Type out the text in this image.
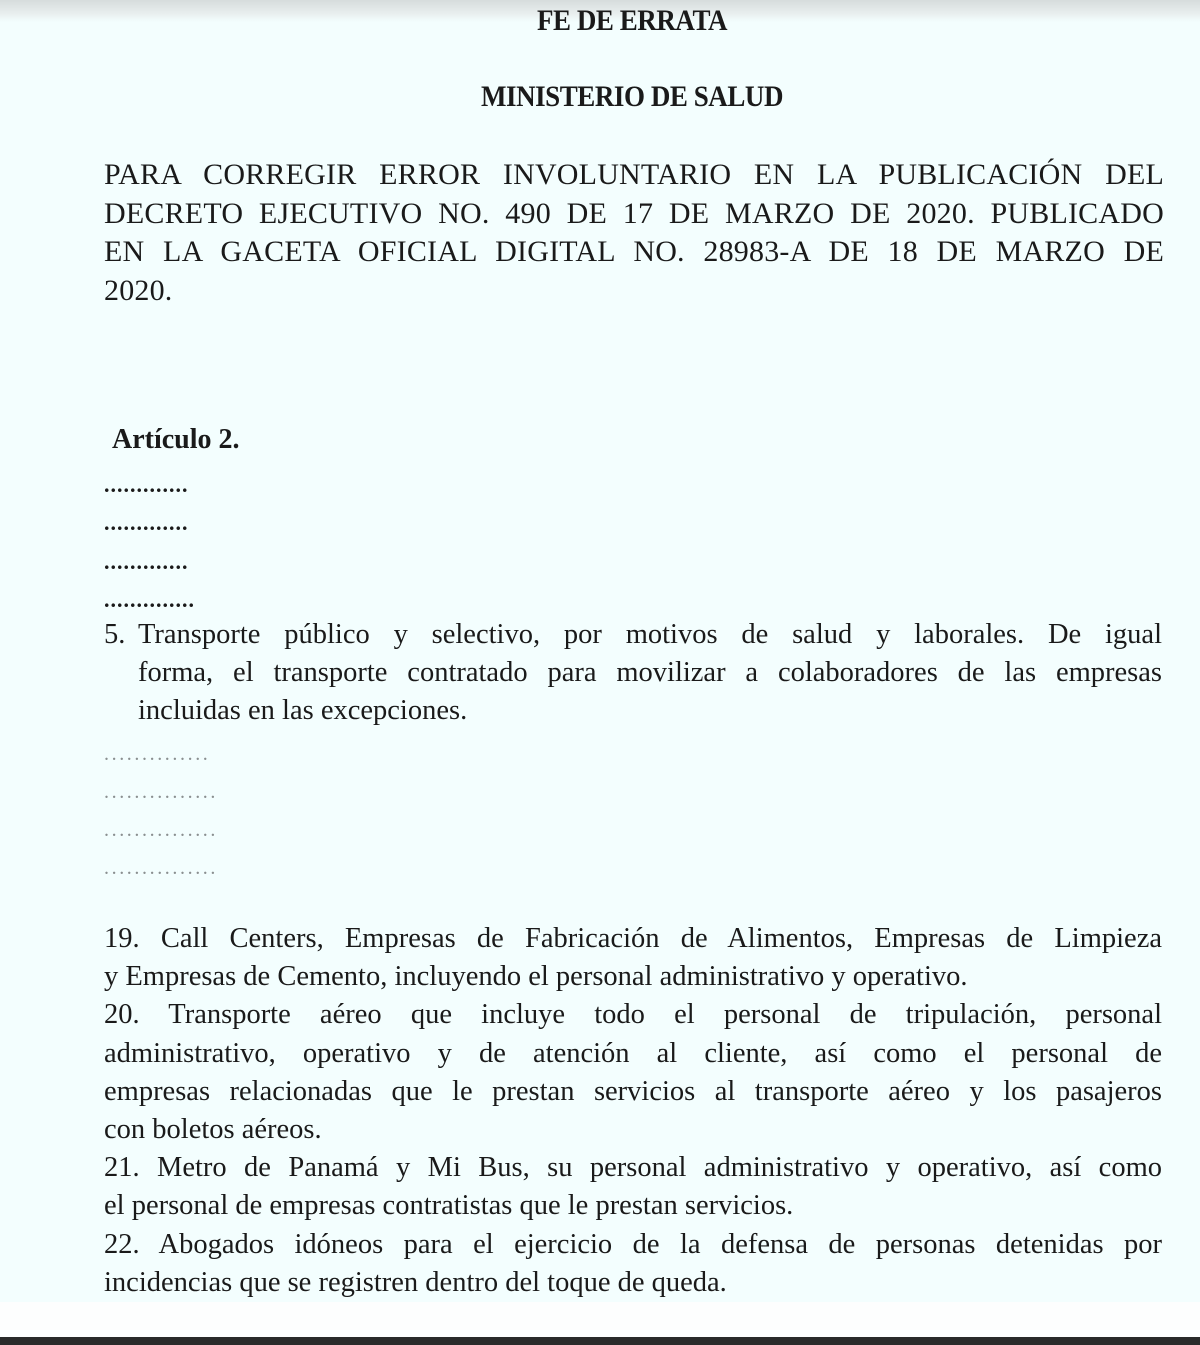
FE DE ERRATA
MINISTERIO DE SALUD
PARA CORREGIR ERROR INVOLUNTARIO EN LA PUBLICACIÓN DEL
DECRETO EJECUTIVO NO. 490 DE 17 DE MARZO DE 2020. PUBLICADO
EN LA GACETA OFICIAL DIGITAL NO. 28983-A DE 18 DE MARZO DE
2020.
Artículo 2.
.............
.............
.............
..............
5. Transporte público y selectivo, por motivos de salud y laborales. De igual
forma, el transporte contratado para movilizar a colaboradores de las empresas
incluidas en las excepciones.
..............
...............
...............
...............
19. Call Centers, Empresas de Fabricación de Alimentos, Empresas de Limpieza
y Empresas de Cemento, incluyendo el personal administrativo y operativo.
20. Transporte aéreo que incluye todo el personal de tripulación, personal
administrativo, operativo y de atención al cliente, así como el personal de
empresas relacionadas que le prestan servicios al transporte aéreo y los pasajeros
con boletos aéreos.
21. Metro de Panamá y Mi Bus, su personal administrativo y operativo, así como
el personal de empresas contratistas que le prestan servicios.
22. Abogados idóneos para el ejercicio de la defensa de personas detenidas por
incidencias que se registren dentro del toque de queda.
